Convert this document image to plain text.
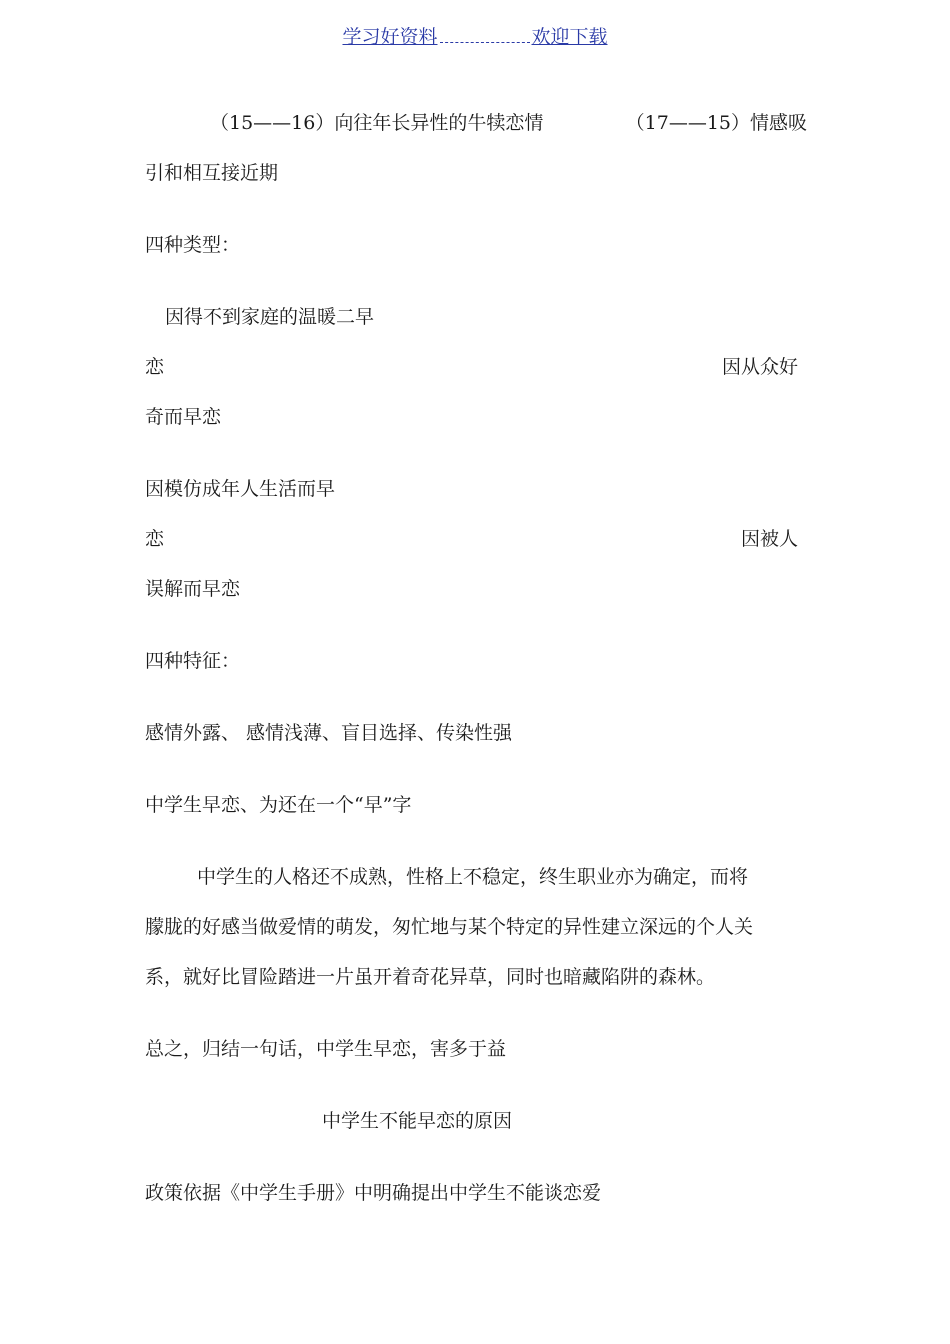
学习好资料	欢迎下载
（15——16）向往年长异性的牛犊恋情	（17——15）情感吸
引和相互接近期
四种类型：
因得不到家庭的温暖二早
恋	因从众好
奇而早恋
因模仿成年人生活而早
恋	因被人
误解而早恋
四种特征：
感情外露、 感情浅薄、盲目选择、传染性强
中学生早恋、为还在一个“早”字
中学生的人格还不成熟，性格上不稳定，终生职业亦为确定，而将
朦胧的好感当做爱情的萌发，匆忙地与某个特定的异性建立深远的个人关
系，就好比冒险踏进一片虽开着奇花异草，同时也暗藏陷阱的森林。
总之，归结一句话，中学生早恋，害多于益
中学生不能早恋的原因
政策依据《中学生手册》中明确提出中学生不能谈恋爱
